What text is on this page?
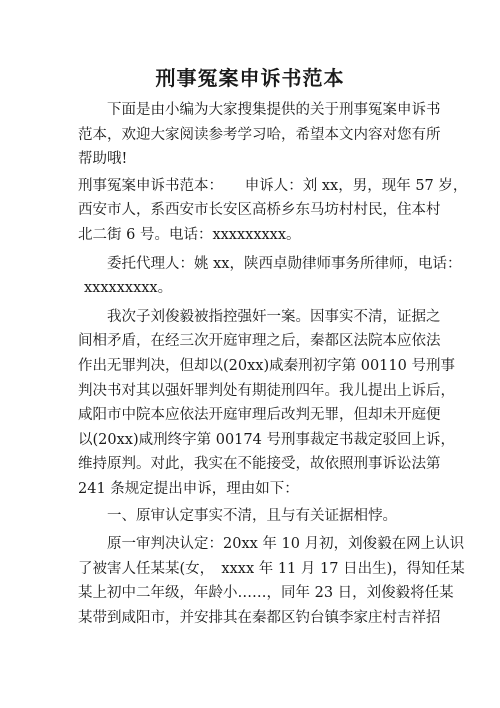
刑事冤案申诉书范本
下面是由小编为大家搜集提供的关于刑事冤案申诉书
范本，欢迎大家阅读参考学习哈，希望本文内容对您有所
帮助哦!
刑事冤案申诉书范本：　　申诉人：刘 xx，男，现年 57 岁，
西安市人，系西安市长安区高桥乡东马坊村村民，住本村
北二街 6 号。电话：xxxxxxxxx。
委托代理人：姚 xx，陕西卓勋律师事务所律师，电话：
xxxxxxxxx。
我次子刘俊毅被指控强奸一案。因事实不清，证据之
间相矛盾，在经三次开庭审理之后，秦都区法院本应依法
作出无罪判决，但却以(20xx)咸秦刑初字第 00110 号刑事
判决书对其以强奸罪判处有期徒刑四年。我儿提出上诉后，
咸阳市中院本应依法开庭审理后改判无罪，但却未开庭便
以(20xx)咸刑终字第 00174 号刑事裁定书裁定驳回上诉，
维持原判。对此，我实在不能接受，故依照刑事诉讼法第
241 条规定提出申诉，理由如下：
一、原审认定事实不清，且与有关证据相悖。
原一审判决认定：20xx 年 10 月初，刘俊毅在网上认识
了被害人任某某(女，　xxxx 年 11 月 17 日出生)，得知任某
某上初中二年级，年龄小……，同年 23 日，刘俊毅将任某
某带到咸阳市，并安排其在秦都区钓台镇李家庄村吉祥招
